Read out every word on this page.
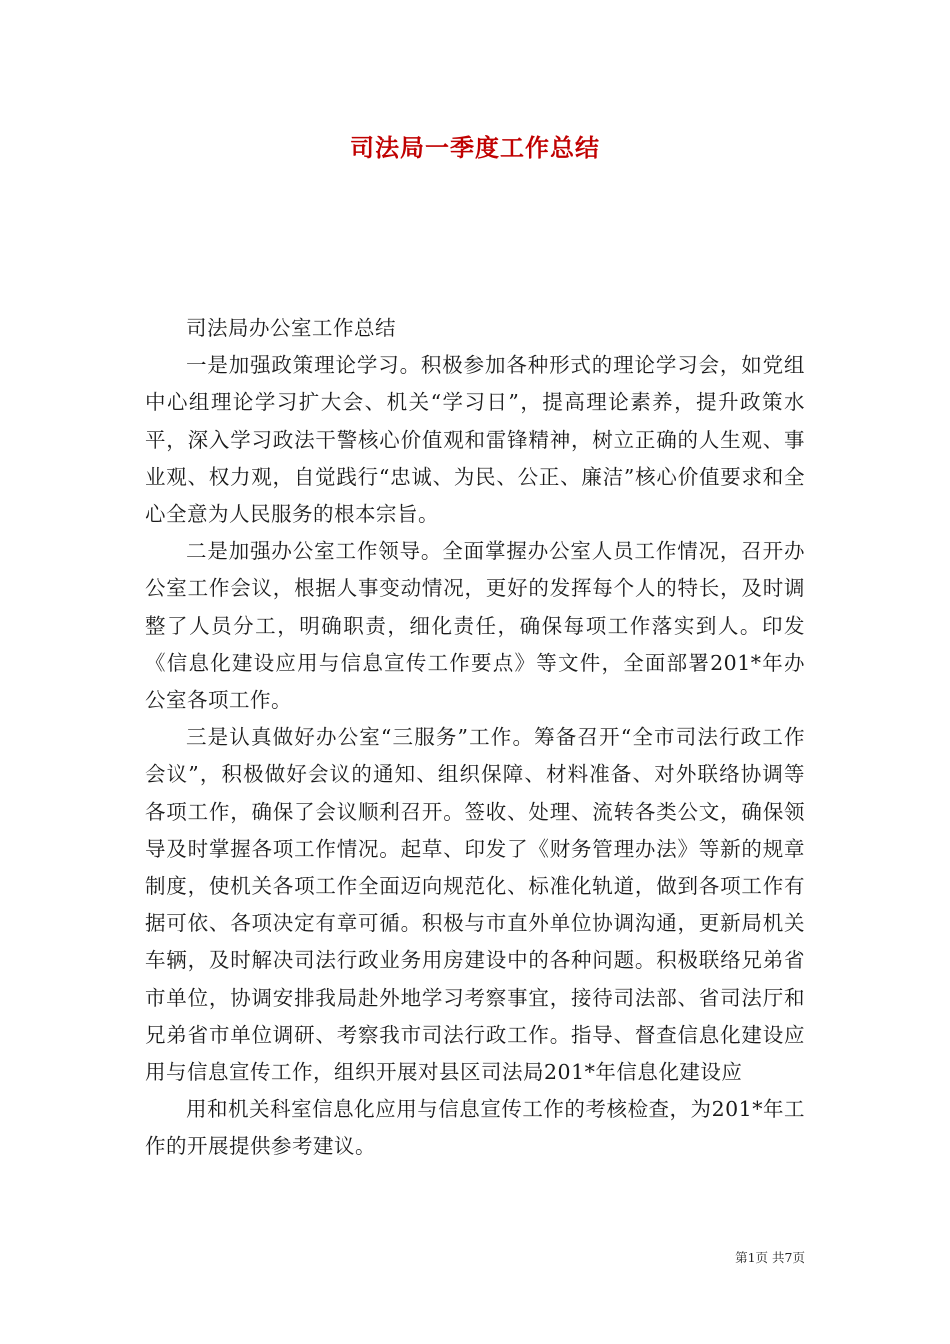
司法局一季度工作总结

司法局办公室工作总结

一是加强政策理论学习。积极参加各种形式的理论学习会，如党组中心组理论学习扩大会、机关“学习日”，提高理论素养，提升政策水平，深入学习政法干警核心价值观和雷锋精神，树立正确的人生观、事业观、权力观，自觉践行“忠诚、为民、公正、廉洁”核心价值要求和全心全意为人民服务的根本宗旨。

二是加强办公室工作领导。全面掌握办公室人员工作情况，召开办公室工作会议，根据人事变动情况，更好的发挥每个人的特长，及时调整了人员分工，明确职责，细化责任，确保每项工作落实到人。印发《信息化建设应用与信息宣传工作要点》等文件，全面部署201*年办公室各项工作。

三是认真做好办公室“三服务”工作。筹备召开“全市司法行政工作会议”，积极做好会议的通知、组织保障、材料准备、对外联络协调等各项工作，确保了会议顺利召开。签收、处理、流转各类公文，确保领导及时掌握各项工作情况。起草、印发了《财务管理办法》等新的规章制度，使机关各项工作全面迈向规范化、标准化轨道，做到各项工作有据可依、各项决定有章可循。积极与市直外单位协调沟通，更新局机关车辆，及时解决司法行政业务用房建设中的各种问题。积极联络兄弟省市单位，协调安排我局赴外地学习考察事宜，接待司法部、省司法厅和兄弟省市单位调研、考察我市司法行政工作。指导、督查信息化建设应用与信息宣传工作，组织开展对县区司法局201*年信息化建设应

用和机关科室信息化应用与信息宣传工作的考核检查，为201*年工作的开展提供参考建议。

第1页 共7页
